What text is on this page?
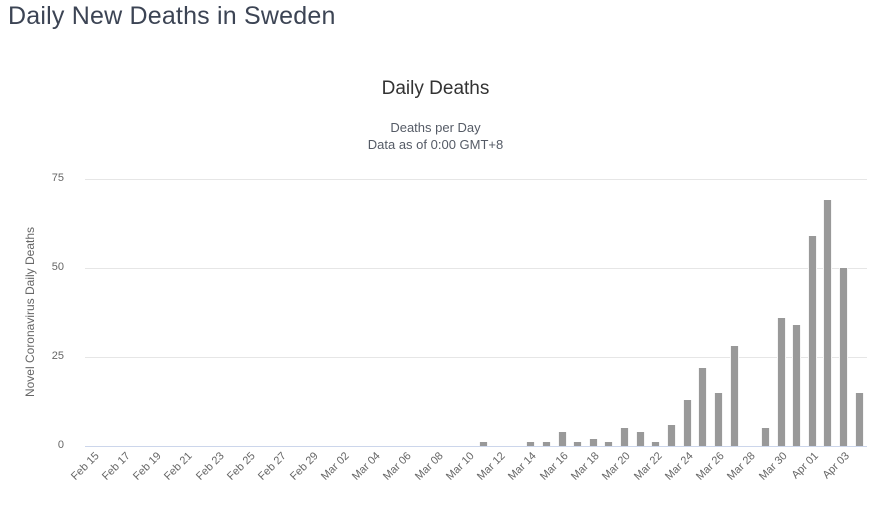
Daily New Deaths in Sweden
Daily Deaths
Deaths per Day
Data as of 0:00 GMT+8
Novel Coronavirus Daily Deaths
0
25
50
75
Feb 15
Feb 17
Feb 19
Feb 21
Feb 23
Feb 25
Feb 27
Feb 29
Mar 02
Mar 04
Mar 06
Mar 08
Mar 10
Mar 12
Mar 14
Mar 16
Mar 18
Mar 20
Mar 22
Mar 24
Mar 26
Mar 28
Mar 30 Apr 01 Apr 03
